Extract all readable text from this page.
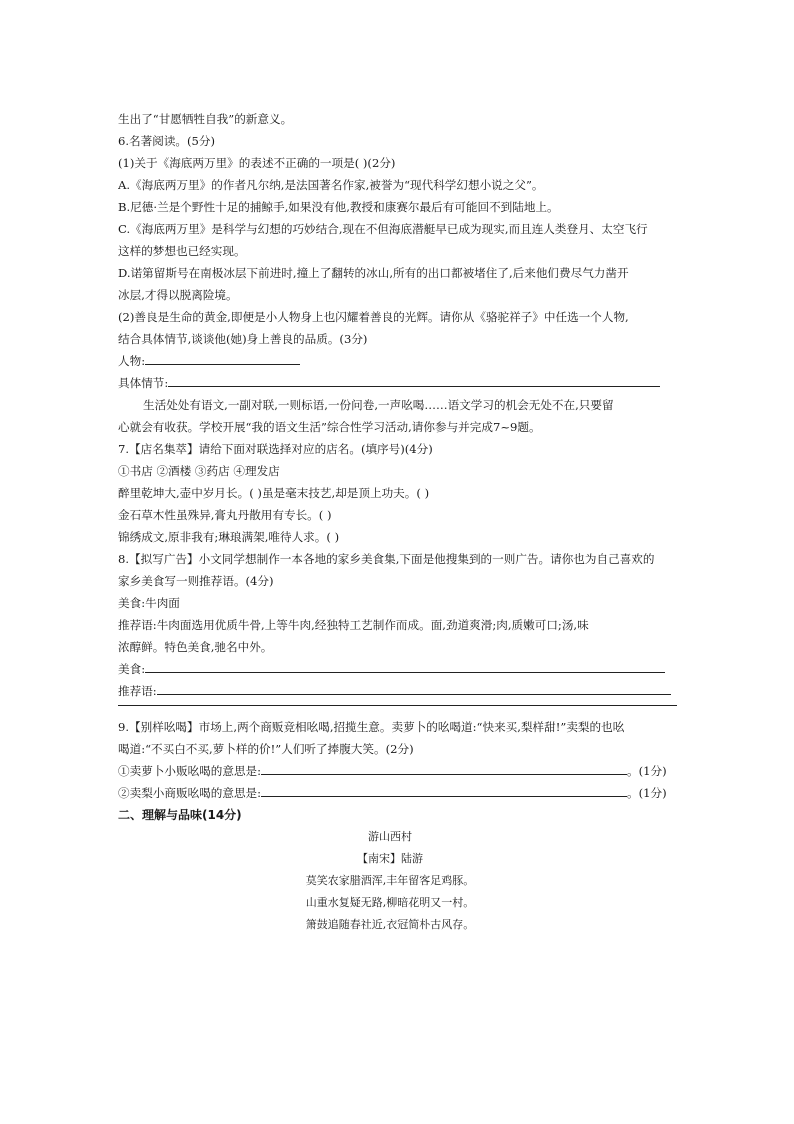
生出了“甘愿牺牲自我”的新意义。
6.名著阅读。(5分)
(1)关于《海底两万里》的表述不正确的一项是( )(2分)
A.《海底两万里》的作者凡尔纳,是法国著名作家,被誉为“现代科学幻想小说之父”。
B.尼德·兰是个野性十足的捕鲸手,如果没有他,教授和康赛尔最后有可能回不到陆地上。
C.《海底两万里》是科学与幻想的巧妙结合,现在不但海底潜艇早已成为现实,而且连人类登月、太空飞行
这样的梦想也已经实现。
D.诺第留斯号在南极冰层下前进时,撞上了翻转的冰山,所有的出口都被堵住了,后来他们费尽气力凿开
冰层,才得以脱离险境。
(2)善良是生命的黄金,即便是小人物身上也闪耀着善良的光辉。请你从《骆驼祥子》中任选一个人物,
结合具体情节,谈谈他(她)身上善良的品质。(3分)
人物:
具体情节:
生活处处有语文,一副对联,一则标语,一份问卷,一声吆喝……语文学习的机会无处不在,只要留
心就会有收获。学校开展“我的语文生活”综合性学习活动,请你参与并完成7~9题。
7.【店名集萃】请给下面对联选择对应的店名。(填序号)(4分)
①书店 ②酒楼 ③药店 ④理发店
醉里乾坤大,壶中岁月长。( )虽是毫末技艺,却是顶上功夫。( )
金石草木性虽殊异,膏丸丹散用有专长。( )
锦绣成文,原非我有;琳琅满架,唯待人求。( )
8.【拟写广告】小文同学想制作一本各地的家乡美食集,下面是他搜集到的一则广告。请你也为自己喜欢的
家乡美食写一则推荐语。(4分)
美食:牛肉面
推荐语:牛肉面选用优质牛骨,上等牛肉,经独特工艺制作而成。面,劲道爽滑;肉,质嫩可口;汤,味
浓醇鲜。特色美食,驰名中外。
美食:
推荐语:
9.【别样吆喝】市场上,两个商贩竞相吆喝,招揽生意。卖萝卜的吆喝道:“快来买,梨样甜!”卖梨的也吆
喝道:“不买白不买,萝卜样的价!”人们听了捧腹大笑。(2分)
①卖萝卜小贩吆喝的意思是:	。(1分)
②卖梨小商贩吆喝的意思是:	。(1分)
二、理解与品味(14分)
游山西村
【南宋】陆游
莫笑农家腊酒浑,丰年留客足鸡豚。
山重水复疑无路,柳暗花明又一村。
箫鼓追随春社近,衣冠简朴古风存。
